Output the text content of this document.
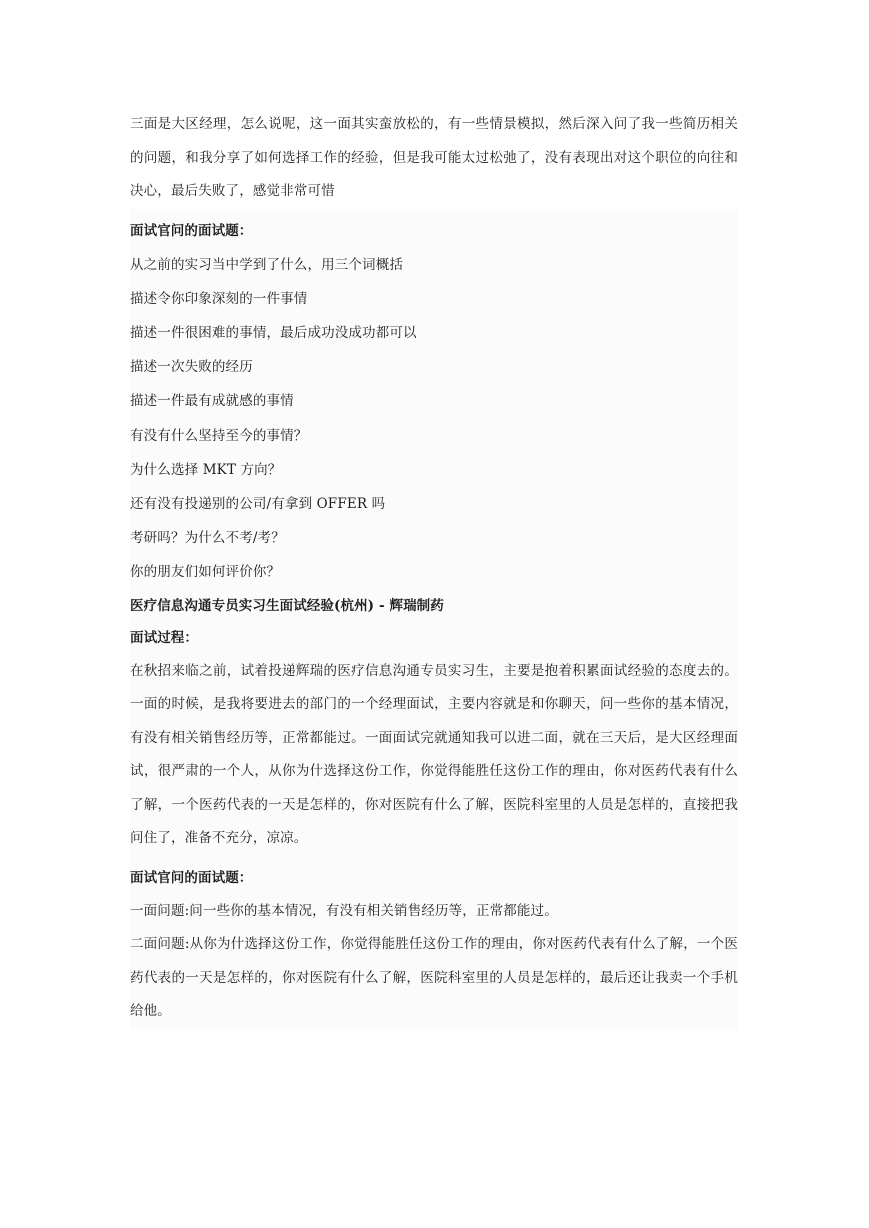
三面是大区经理，怎么说呢，这一面其实蛮放松的，有一些情景模拟，然后深入问了我一些简历相关的问题，和我分享了如何选择工作的经验，但是我可能太过松弛了，没有表现出对这个职位的向往和决心，最后失败了，感觉非常可惜

面试官问的面试题：

从之前的实习当中学到了什么，用三个词概括
描述令你印象深刻的一件事情
描述一件很困难的事情，最后成功没成功都可以
描述一次失败的经历
描述一件最有成就感的事情
有没有什么坚持至今的事情？
为什么选择 MKT 方向？
还有没有投递别的公司/有拿到 OFFER 吗
考研吗？为什么不考/考？
你的朋友们如何评价你？

医疗信息沟通专员实习生面试经验(杭州) - 辉瑞制药

面试过程：

在秋招来临之前，试着投递辉瑞的医疗信息沟通专员实习生，主要是抱着积累面试经验的态度去的。一面的时候，是我将要进去的部门的一个经理面试，主要内容就是和你聊天，问一些你的基本情况，有没有相关销售经历等，正常都能过。一面面试完就通知我可以进二面，就在三天后，是大区经理面试，很严肃的一个人，从你为什选择这份工作，你觉得能胜任这份工作的理由，你对医药代表有什么了解，一个医药代表的一天是怎样的，你对医院有什么了解，医院科室里的人员是怎样的，直接把我问住了，准备不充分，凉凉。

面试官问的面试题：

一面问题:问一些你的基本情况，有没有相关销售经历等，正常都能过。

二面问题:从你为什选择这份工作，你觉得能胜任这份工作的理由，你对医药代表有什么了解，一个医药代表的一天是怎样的，你对医院有什么了解，医院科室里的人员是怎样的，最后还让我卖一个手机给他。
